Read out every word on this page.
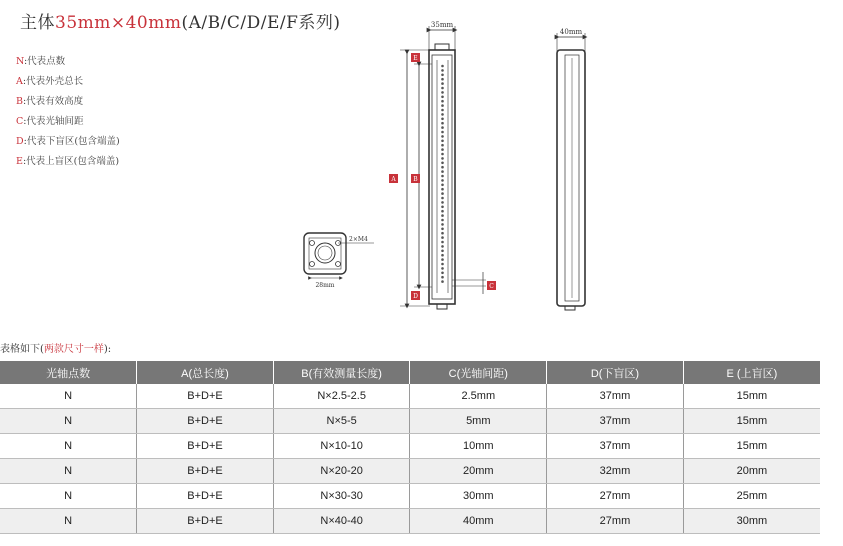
主体35mm×40mm(A/B/C/D/E/F系列)
N:代表点数
A:代表外壳总长
B:代表有效高度
C:代表光轴间距
D:代表下盲区(包含端盖)
E:代表上盲区(包含端盖)
35mm
A	B
C
D
E
40mm
2×M4
28mm
表格如下(两款尺寸一样):
光轴点数	A(总长度)	B(有效测量长度)	C(光轴间距)	D(下盲区)	E (上盲区)
N	B+D+E	N×2.5-2.5	2.5mm	37mm	15mm
N	B+D+E	N×5-5	5mm	37mm	15mm
N	B+D+E	N×10-10	10mm	37mm	15mm
N	B+D+E	N×20-20	20mm	32mm	20mm
N	B+D+E	N×30-30	30mm	27mm	25mm
N	B+D+E	N×40-40	40mm	27mm	30mm
